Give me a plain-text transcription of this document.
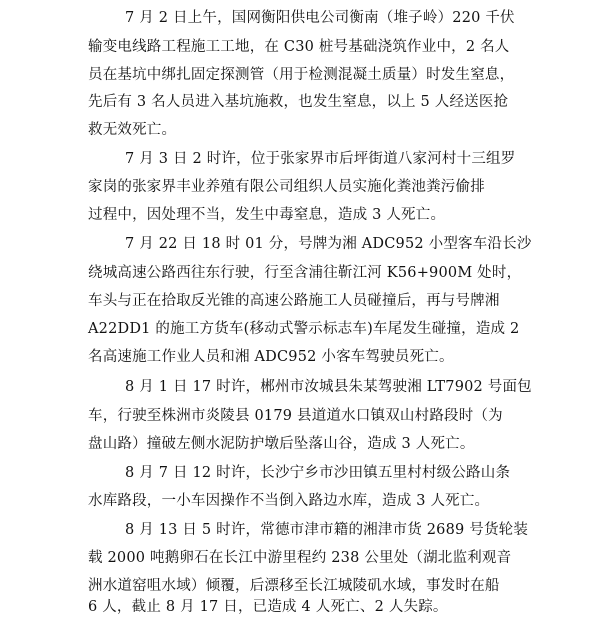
7 月 2 日上午，国网衡阳供电公司衡南（堆子岭）220 千伏
输变电线路工程施工工地，在 C30 桩号基础浇筑作业中，2 名人
员在基坑中绑扎固定探测管（用于检测混凝土质量）时发生窒息，
先后有 3 名人员进入基坑施救，也发生窒息，以上 5 人经送医抢
救无效死亡。
7 月 3 日 2 时许，位于张家界市后坪街道八家河村十三组罗
家岗的张家界丰业养殖有限公司组织人员实施化粪池粪污偷排
过程中，因处理不当，发生中毒窒息，造成 3 人死亡。
7 月 22 日 18 时 01 分，号牌为湘 ADC952 小型客车沿长沙
绕城高速公路西往东行驶，行至含浦往靳江河 K56+900M 处时，
车头与正在拾取反光锥的高速公路施工人员碰撞后，再与号牌湘
A22DD1 的施工方货车(移动式警示标志车)车尾发生碰撞，造成 2
名高速施工作业人员和湘 ADC952 小客车驾驶员死亡。
8 月 1 日 17 时许，郴州市汝城县朱某驾驶湘 LT7902 号面包
车，行驶至株洲市炎陵县 0179 县道道水口镇双山村路段时（为
盘山路）撞破左侧水泥防护墩后坠落山谷，造成 3 人死亡。
8 月 7 日 12 时许，长沙宁乡市沙田镇五里村村级公路山条
水库路段，一小车因操作不当倒入路边水库，造成 3 人死亡。
8 月 13 日 5 时许，常德市津市籍的湘津市货 2689 号货轮装
载 2000 吨鹅卵石在长江中游里程约 238 公里处（湖北监利观音
洲水道窑咀水域）倾覆，后漂移至长江城陵矶水域，事发时在船
6 人，截止 8 月 17 日，已造成 4 人死亡、2 人失踪。
